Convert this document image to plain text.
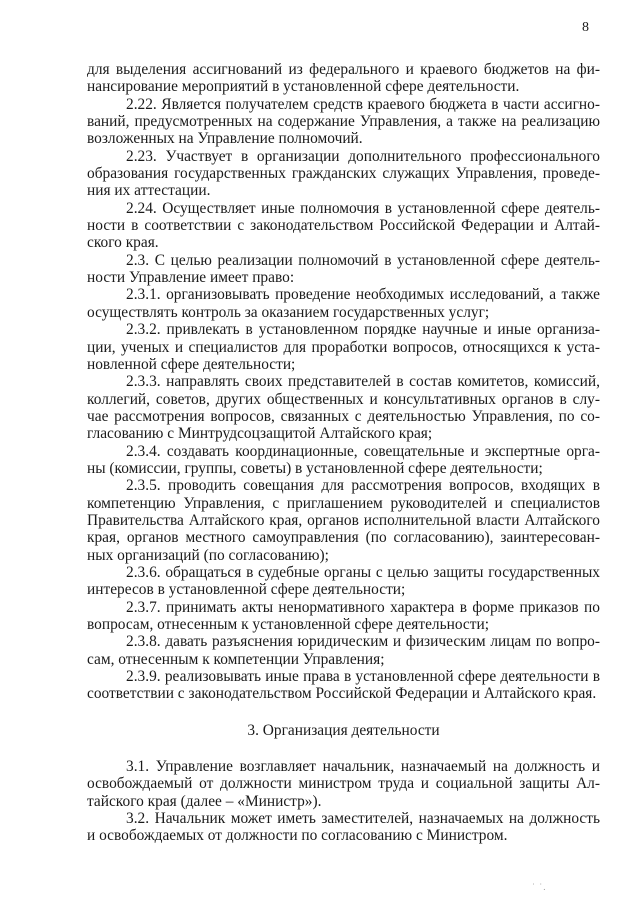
8
для выделения ассигнований из федерального и краевого бюджетов на фи-
нансирование мероприятий в установленной сфере деятельности.
2.22. Является получателем средств краевого бюджета в части ассигно-
ваний, предусмотренных на содержание Управления, а также на реализацию
возложенных на Управление полномочий.
2.23. Участвует в организации дополнительного профессионального
образования государственных гражданских служащих Управления, проведе-
ния их аттестации.
2.24. Осуществляет иные полномочия в установленной сфере деятель-
ности в соответствии с законодательством Российской Федерации и Алтай-
ского края.
2.3. С целью реализации полномочий в установленной сфере деятель-
ности Управление имеет право:
2.3.1. организовывать проведение необходимых исследований, а также
осуществлять контроль за оказанием государственных услуг;
2.3.2. привлекать в установленном порядке научные и иные организа-
ции, ученых и специалистов для проработки вопросов, относящихся к уста-
новленной сфере деятельности;
2.3.3. направлять своих представителей в состав комитетов, комиссий,
коллегий, советов, других общественных и консультативных органов в слу-
чае рассмотрения вопросов, связанных с деятельностью Управления, по со-
гласованию с Минтрудсоцзащитой Алтайского края;
2.3.4. создавать координационные, совещательные и экспертные орга-
ны (комиссии, группы, советы) в установленной сфере деятельности;
2.3.5. проводить совещания для рассмотрения вопросов, входящих в
компетенцию Управления, с приглашением руководителей и специалистов
Правительства Алтайского края, органов исполнительной власти Алтайского
края, органов местного самоуправления (по согласованию), заинтересован-
ных организаций (по согласованию);
2.3.6. обращаться в судебные органы с целью защиты государственных
интересов в установленной сфере деятельности;
2.3.7. принимать акты ненормативного характера в форме приказов по
вопросам, отнесенным к установленной сфере деятельности;
2.3.8. давать разъяснения юридическим и физическим лицам по вопро-
сам, отнесенным к компетенции Управления;
2.3.9. реализовывать иные права в установленной сфере деятельности в
соответствии с законодательством Российской Федерации и Алтайского края.
3. Организация деятельности
3.1. Управление возглавляет начальник, назначаемый на должность и
освобождаемый от должности министром труда и социальной защиты Ал-
тайского края (далее – «Министр»).
3.2. Начальник может иметь заместителей, назначаемых на должность
и освобождаемых от должности по согласованию с Министром.
˙ ˙.
